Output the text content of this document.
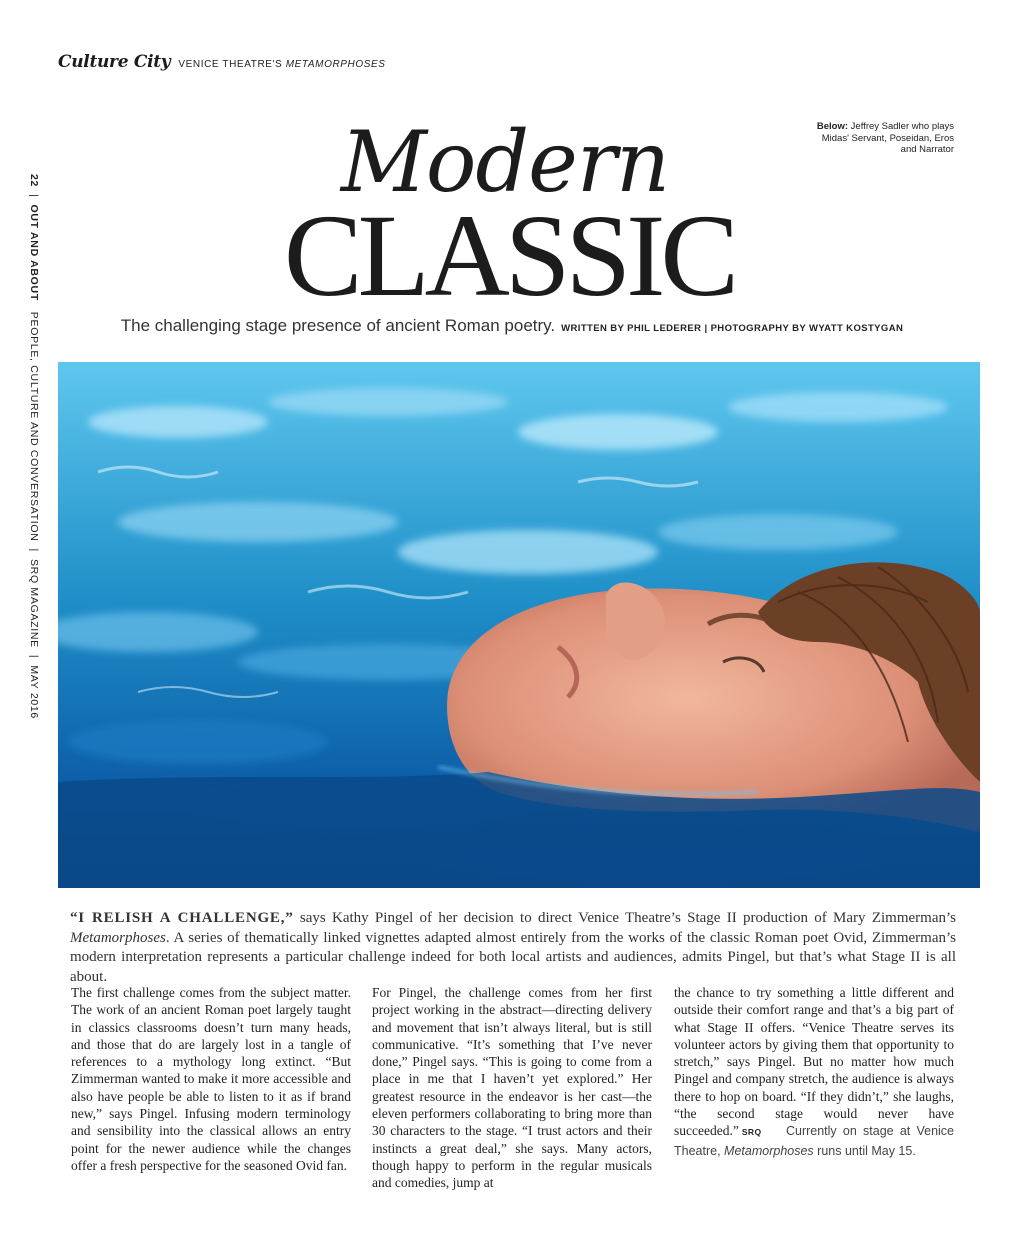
Culture City VENICE THEATRE'S METAMORPHOSES
22|OUT AND ABOUT   PEOPLE, CULTURE AND CONVERSATION|SRQ MAGAZINE|MAY 2016
Below: Jeffrey Sadler who plays Midas' Servant, Poseidan, Eros and Narrator
Modern
CLASSIC
The challenging stage presence of ancient Roman poetry. WRITTEN BY PHIL LEDERER | PHOTOGRAPHY BY WYATT KOSTYGAN
“I RELISH A CHALLENGE,” says Kathy Pingel of her decision to direct Venice Theatre’s Stage II production of Mary Zimmerman’s Metamorphoses. A series of thematically linked vignettes adapted almost entirely from the works of the classic Roman poet Ovid, Zimmerman’s modern interpretation represents a particular challenge indeed for both local artists and audiences, admits Pingel, but that’s what Stage II is all about.
The first challenge comes from the subject matter. The work of an ancient Roman poet largely taught in classics classrooms doesn’t turn many heads, and those that do are largely lost in a tangle of references to a mythology long extinct. “But Zimmerman wanted to make it more accessible and also have people be able to listen to it as if brand new,” says Pingel. Infusing modern terminology and sensibility into the classical allows an entry point for the newer audience while the changes offer a fresh perspective for the seasoned Ovid fan.
For Pingel, the challenge comes from her first project working in the abstract—directing delivery and movement that isn’t always literal, but is still communicative. “It’s something that I’ve never done,” Pingel says. “This is going to come from a place in me that I haven’t yet explored.” Her greatest resource in the endeavor is her cast—the eleven performers collaborating to bring more than 30 characters to the stage. “I trust actors and their instincts a great deal,” she says. Many actors, though happy to perform in the regular musicals and comedies, jump at
the chance to try something a little different and outside their comfort range and that’s a big part of what Stage II offers. “Venice Theatre serves its volunteer actors by giving them that opportunity to stretch,” says Pingel. But no matter how much Pingel and company stretch, the audience is always there to hop on board. “If they didn’t,” she laughs, “the second stage would never have succeeded.” SRQ Currently on stage at Venice Theatre, Metamorphoses runs until May 15.
